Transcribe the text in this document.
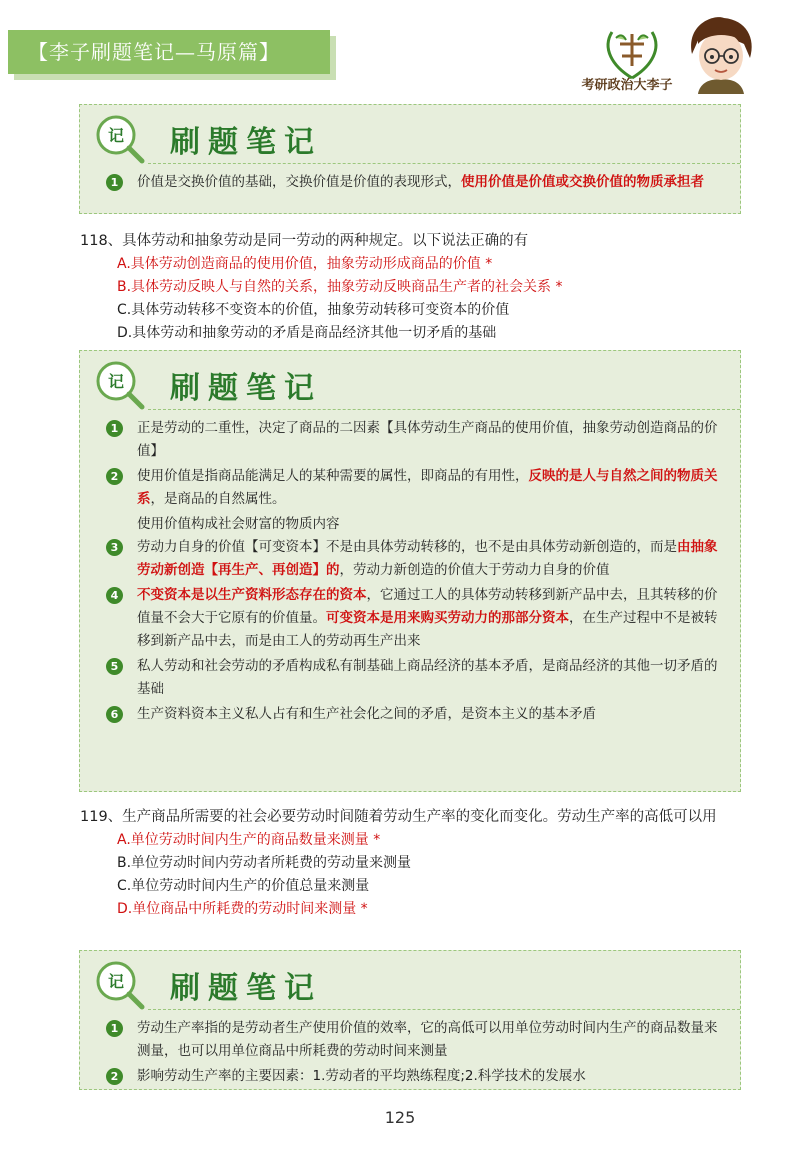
【李子刷题笔记—马原篇】
考研政治大李子
记 刷题笔记
1	价值是交换价值的基础，交换价值是价值的表现形式，使用价值是价值或交换价值的物质承担者
118、具体劳动和抽象劳动是同一劳动的两种规定。以下说法正确的有
A.具体劳动创造商品的使用价值，抽象劳动形成商品的价值 *
B.具体劳动反映人与自然的关系，抽象劳动反映商品生产者的社会关系 *
C.具体劳动转移不变资本的价值，抽象劳动转移可变资本的价值
D.具体劳动和抽象劳动的矛盾是商品经济其他一切矛盾的基础
记 刷题笔记
1	正是劳动的二重性，决定了商品的二因素【具体劳动生产商品的使用价值，抽象劳动创造商品的价值】
2	使用价值是指商品能满足人的某种需要的属性，即商品的有用性，反映的是人与自然之间的物质关系，是商品的自然属性。
使用价值构成社会财富的物质内容
3	劳动力自身的价值【可变资本】不是由具体劳动转移的，也不是由具体劳动新创造的，而是由抽象劳动新创造【再生产、再创造】的，劳动力新创造的价值大于劳动力自身的价值
4	不变资本是以生产资料形态存在的资本，它通过工人的具体劳动转移到新产品中去，且其转移的价值量不会大于它原有的价值量。可变资本是用来购买劳动力的那部分资本，在生产过程中不是被转移到新产品中去，而是由工人的劳动再生产出来
5	私人劳动和社会劳动的矛盾构成私有制基础上商品经济的基本矛盾，是商品经济的其他一切矛盾的基础
6	生产资料资本主义私人占有和生产社会化之间的矛盾，是资本主义的基本矛盾
119、生产商品所需要的社会必要劳动时间随着劳动生产率的变化而变化。劳动生产率的高低可以用
A.单位劳动时间内生产的商品数量来测量 *
B.单位劳动时间内劳动者所耗费的劳动量来测量
C.单位劳动时间内生产的价值总量来测量
D.单位商品中所耗费的劳动时间来测量 *
记 刷题笔记
1	劳动生产率指的是劳动者生产使用价值的效率，它的高低可以用单位劳动时间内生产的商品数量来测量，也可以用单位商品中所耗费的劳动时间来测量
2	影响劳动生产率的主要因素：1.劳动者的平均熟练程度;2.科学技术的发展水
125
